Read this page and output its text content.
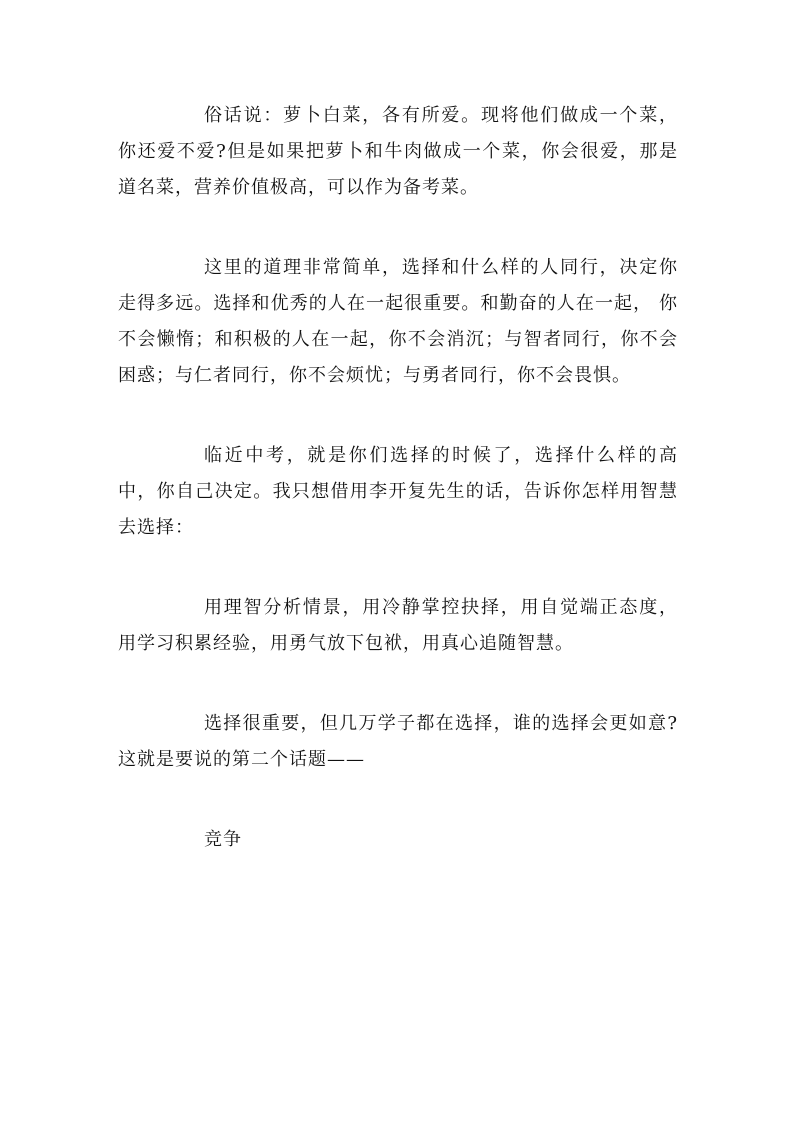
俗话说：萝卜白菜，各有所爱。现将他们做成一个菜，你还爱不爱?但是如果把萝卜和牛肉做成一个菜，你会很爱，那是道名菜，营养价值极高，可以作为备考菜。

这里的道理非常简单，选择和什么样的人同行，决定你走得多远。选择和优秀的人在一起很重要。和勤奋的人在一起， 你不会懒惰；和积极的人在一起，你不会消沉；与智者同行，你不会困惑；与仁者同行，你不会烦忧；与勇者同行，你不会畏惧。

临近中考，就是你们选择的时候了，选择什么样的高中，你自己决定。我只想借用李开复先生的话，告诉你怎样用智慧去选择：

用理智分析情景，用冷静掌控抉择，用自觉端正态度，用学习积累经验，用勇气放下包袱，用真心追随智慧。

选择很重要，但几万学子都在选择，谁的选择会更如意?这就是要说的第二个话题——

竞争
